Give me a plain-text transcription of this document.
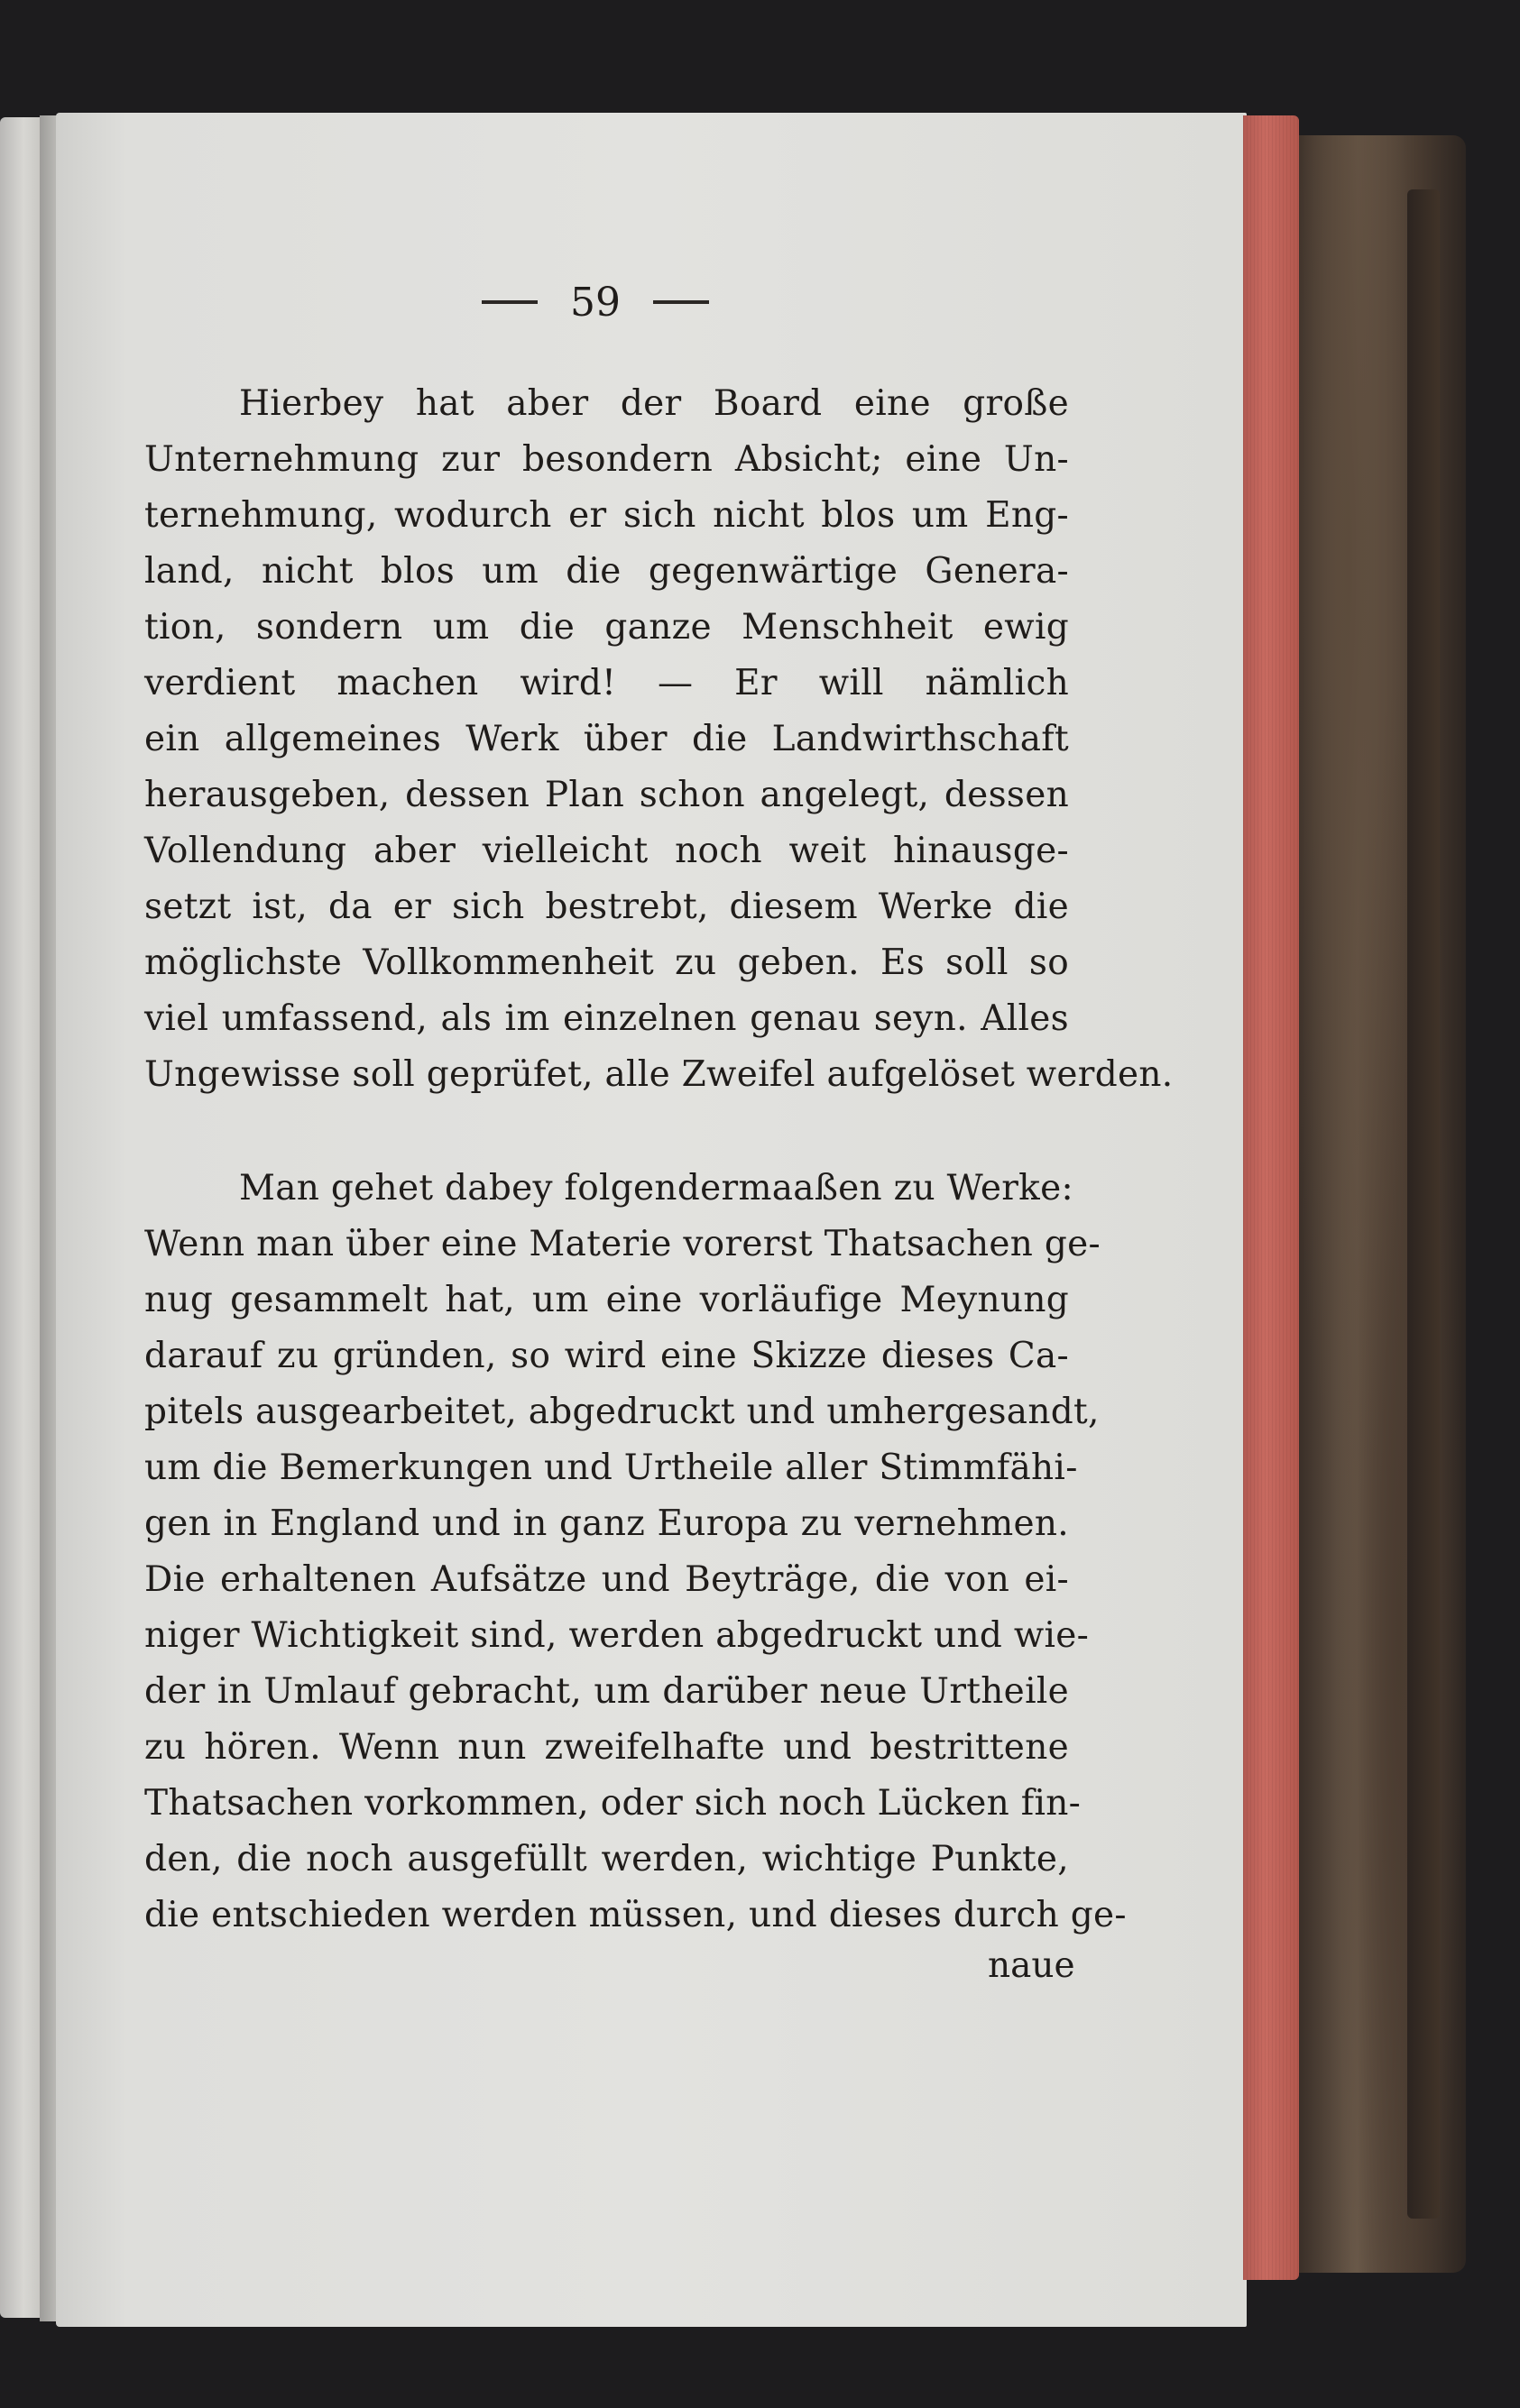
59
Hierbey hat aber der Board eine große
Unternehmung zur besondern Absicht; eine Un-
ternehmung, wodurch er sich nicht blos um Eng-
land, nicht blos um die gegenwärtige Genera-
tion, sondern um die ganze Menschheit ewig
verdient machen wird! — Er will nämlich
ein allgemeines Werk über die Landwirthschaft
herausgeben, dessen Plan schon angelegt, dessen
Vollendung aber vielleicht noch weit hinausge-
setzt ist, da er sich bestrebt, diesem Werke die
möglichste Vollkommenheit zu geben. Es soll so
viel umfassend, als im einzelnen genau seyn. Alles
Ungewisse soll geprüfet, alle Zweifel aufgelöset werden.
Man gehet dabey folgendermaaßen zu Werke:
Wenn man über eine Materie vorerst Thatsachen ge-
nug gesammelt hat, um eine vorläufige Meynung
darauf zu gründen, so wird eine Skizze dieses Ca-
pitels ausgearbeitet, abgedruckt und umhergesandt,
um die Bemerkungen und Urtheile aller Stimmfähi-
gen in England und in ganz Europa zu vernehmen.
Die erhaltenen Aufsätze und Beyträge, die von ei-
niger Wichtigkeit sind, werden abgedruckt und wie-
der in Umlauf gebracht, um darüber neue Urtheile
zu hören. Wenn nun zweifelhafte und bestrittene
Thatsachen vorkommen, oder sich noch Lücken fin-
den, die noch ausgefüllt werden, wichtige Punkte,
die entschieden werden müssen, und dieses durch ge-
naue
